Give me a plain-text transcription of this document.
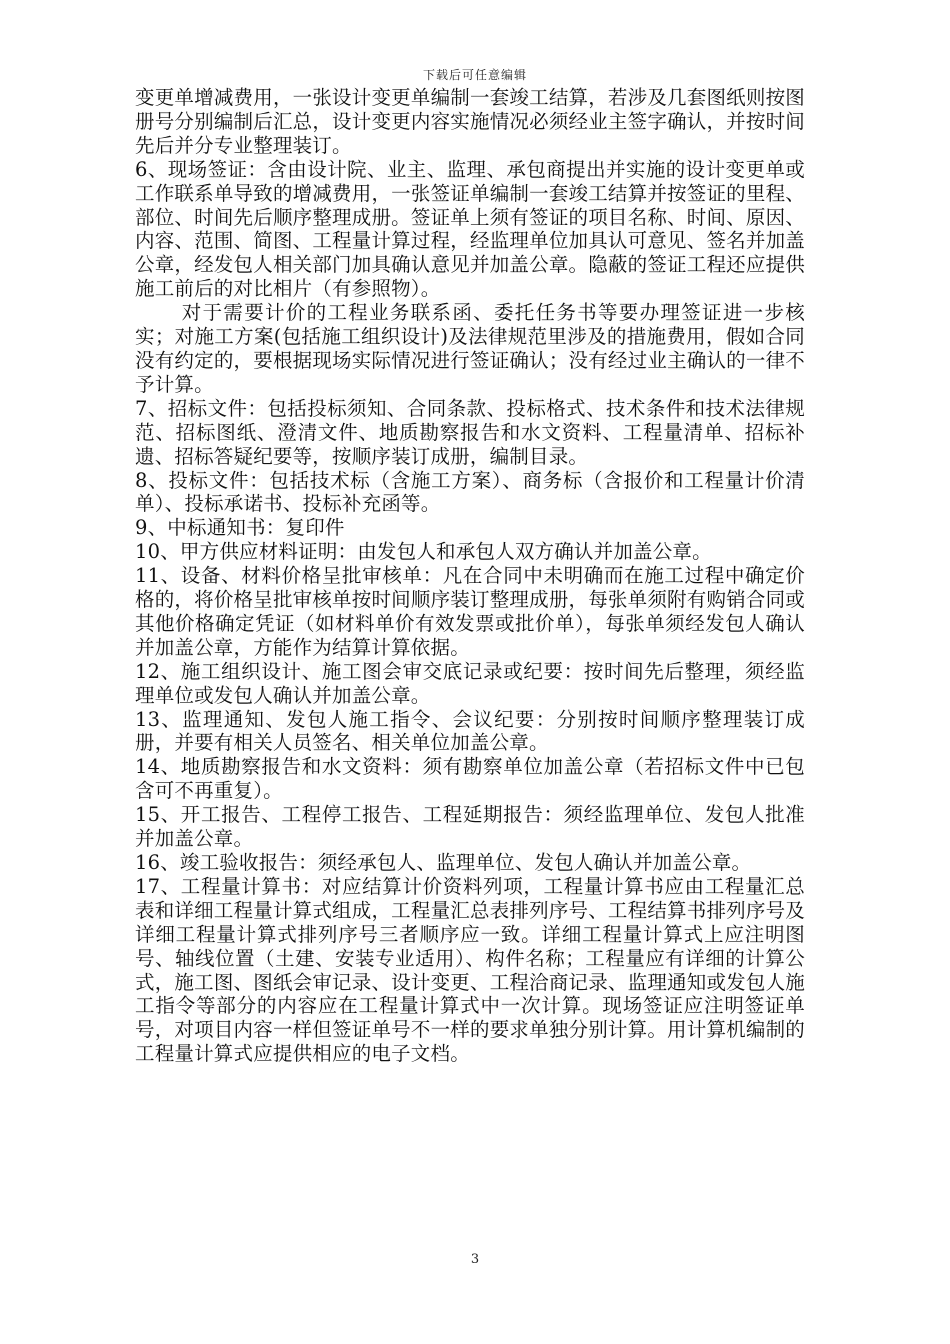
下载后可任意编辑

变更单增减费用，一张设计变更单编制一套竣工结算，若涉及几套图纸则按图册号分别编制后汇总，设计变更内容实施情况必须经业主签字确认，并按时间先后并分专业整理装订。

6、现场签证：含由设计院、业主、监理、承包商提出并实施的设计变更单或工作联系单导致的增减费用，一张签证单编制一套竣工结算并按签证的里程、部位、时间先后顺序整理成册。签证单上须有签证的项目名称、时间、原因、内容、范围、简图、工程量计算过程，经监理单位加具认可意见、签名并加盖公章，经发包人相关部门加具确认意见并加盖公章。隐蔽的签证工程还应提供施工前后的对比相片（有参照物）。

对于需要计价的工程业务联系函、委托任务书等要办理签证进一步核实；对施工方案(包括施工组织设计)及法律规范里涉及的措施费用，假如合同没有约定的，要根据现场实际情况进行签证确认；没有经过业主确认的一律不予计算。

7、招标文件：包括投标须知、合同条款、投标格式、技术条件和技术法律规范、招标图纸、澄清文件、地质勘察报告和水文资料、工程量清单、招标补遗、招标答疑纪要等，按顺序装订成册，编制目录。

8、投标文件：包括技术标（含施工方案）、商务标（含报价和工程量计价清单）、投标承诺书、投标补充函等。

9、中标通知书：复印件

10、甲方供应材料证明：由发包人和承包人双方确认并加盖公章。

11、设备、材料价格呈批审核单：凡在合同中未明确而在施工过程中确定价格的，将价格呈批审核单按时间顺序装订整理成册，每张单须附有购销合同或其他价格确定凭证（如材料单价有效发票或批价单），每张单须经发包人确认并加盖公章，方能作为结算计算依据。

12、施工组织设计、施工图会审交底记录或纪要：按时间先后整理，须经监理单位或发包人确认并加盖公章。

13、监理通知、发包人施工指令、会议纪要：分别按时间顺序整理装订成册，并要有相关人员签名、相关单位加盖公章。

14、地质勘察报告和水文资料：须有勘察单位加盖公章（若招标文件中已包含可不再重复）。

15、开工报告、工程停工报告、工程延期报告：须经监理单位、发包人批准并加盖公章。

16、竣工验收报告：须经承包人、监理单位、发包人确认并加盖公章。

17、工程量计算书：对应结算计价资料列项，工程量计算书应由工程量汇总表和详细工程量计算式组成，工程量汇总表排列序号、工程结算书排列序号及详细工程量计算式排列序号三者顺序应一致。详细工程量计算式上应注明图号、轴线位置（土建、安装专业适用）、构件名称；工程量应有详细的计算公式，施工图、图纸会审记录、设计变更、工程洽商记录、监理通知或发包人施工指令等部分的内容应在工程量计算式中一次计算。现场签证应注明签证单号，对项目内容一样但签证单号不一样的要求单独分别计算。用计算机编制的工程量计算式应提供相应的电子文档。

3
